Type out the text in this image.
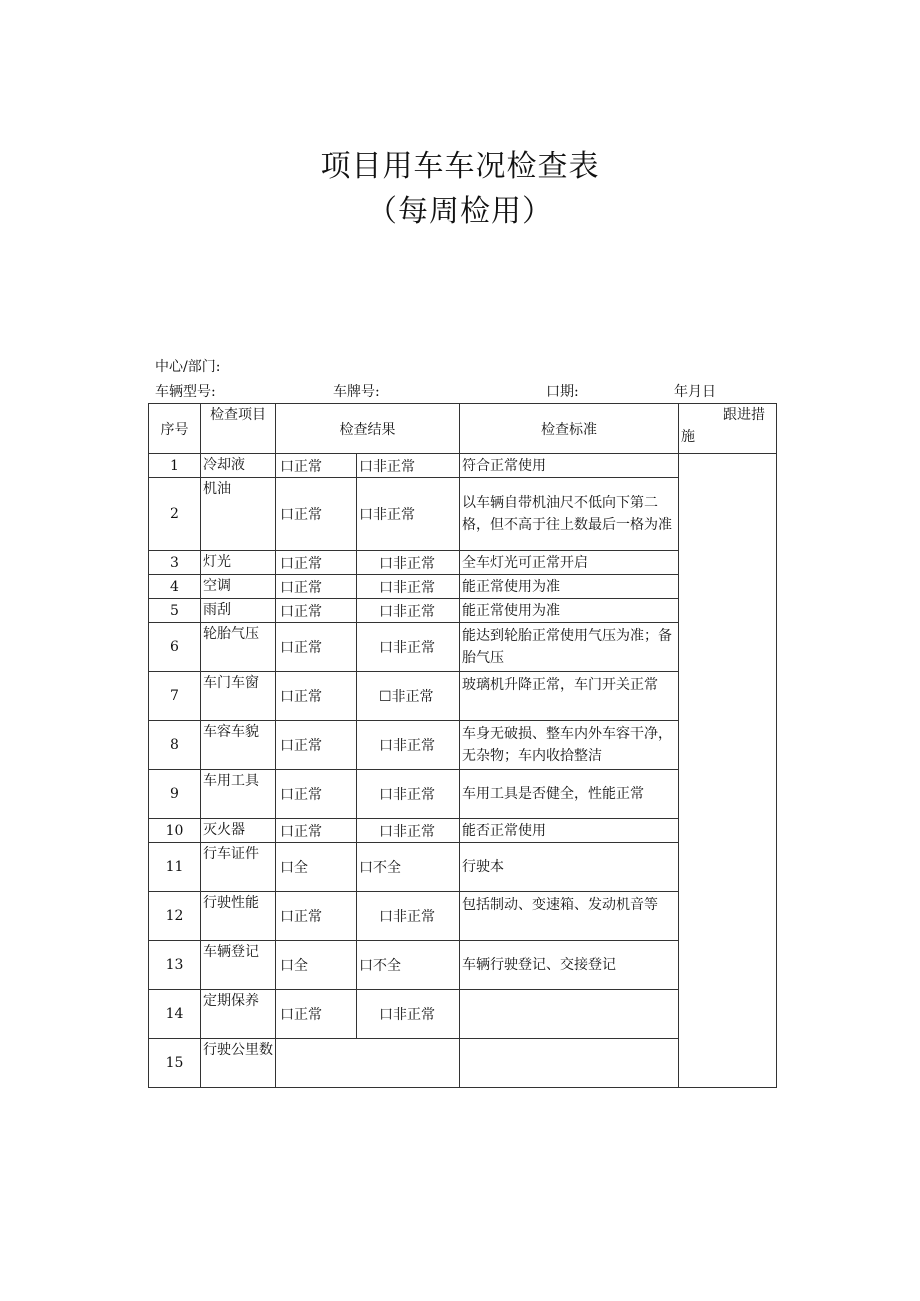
项目用车车况检查表
（每周检用）
中心/部门:
车辆型号:	车牌号:	口期:	年月日
序号	检查项目	检查结果	检查标准	跟进措
施
1	冷却液	口正常 口非正常	符合正常使用	
2	机油	口正常 口非正常	以车辆自带机油尺不低向下第二格，但不高于往上数最后一格为准	
3	灯光	口正常 口非正常	全车灯光可正常开启	
4	空调	口正常 口非正常	能正常使用为准	
5	雨刮	口正常 口非正常	能正常使用为准	
6	轮胎气压	口正常 口非正常	能达到轮胎正常使用气压为准；备胎气压	
7	车门车窗	口正常 ☐非正常	玻璃机升降正常，车门开关正常	
8	车容车貌	口正常 口非正常	车身无破损、整车内外车容干净，无杂物；车内收拾整洁	
9	车用工具	口正常 口非正常	车用工具是否健全，性能正常	
10	灭火器	口正常 口非正常	能否正常使用	
11	行车证件	口全 口不全	行驶本	
12	行驶性能	口正常 口非正常	包括制动、变速箱、发动机音等	
13	车辆登记	口全 口不全	车辆行驶登记、交接登记	
14	定期保养	口正常 口非正常		

15	行驶公里数			
